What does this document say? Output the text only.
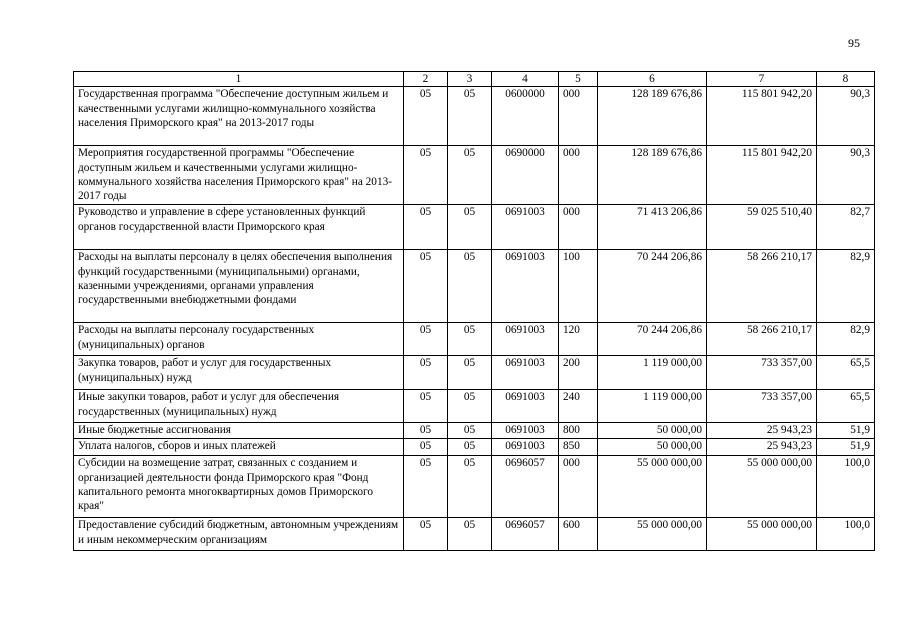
95
1	2	3	4	5	6	7	8
Государственная программа "Обеспечение доступным жильем и качественными услугами жилищно-коммунального хозяйства населения Приморского края" на 2013-2017 годы	05	05	0600000	000	128 189 676,86	115 801 942,20	90,3
Мероприятия государственной программы "Обеспечение доступным жильем и качественными услугами жилищно-коммунального хозяйства населения Приморского края" на 2013-2017 годы	05	05	0690000	000	128 189 676,86	115 801 942,20	90,3
Руководство и управление в сфере установленных функций органов государственной власти Приморского края	05	05	0691003	000	71 413 206,86	59 025 510,40	82,7
Расходы на выплаты персоналу в целях обеспечения выполнения функций государственными (муниципальными) органами, казенными учреждениями, органами управления государственными внебюджетными фондами	05	05	0691003	100	70 244 206,86	58 266 210,17	82,9
Расходы на выплаты персоналу государственных (муниципальных) органов	05	05	0691003	120	70 244 206,86	58 266 210,17	82,9
Закупка товаров, работ и услуг для государственных (муниципальных) нужд	05	05	0691003	200	1 119 000,00	733 357,00	65,5
Иные закупки товаров, работ и услуг для обеспечения государственных (муниципальных) нужд	05	05	0691003	240	1 119 000,00	733 357,00	65,5
Иные бюджетные ассигнования	05	05	0691003	800	50 000,00	25 943,23	51,9
Уплата налогов, сборов и иных платежей	05	05	0691003	850	50 000,00	25 943,23	51,9
Субсидии на возмещение затрат, связанных с созданием и организацией деятельности фонда Приморского края "Фонд капитального ремонта многоквартирных домов Приморского края"	05	05	0696057	000	55 000 000,00	55 000 000,00	100,0
Предоставление субсидий бюджетным, автономным учреждениям и иным некоммерческим организациям	05	05	0696057	600	55 000 000,00	55 000 000,00	100,0
